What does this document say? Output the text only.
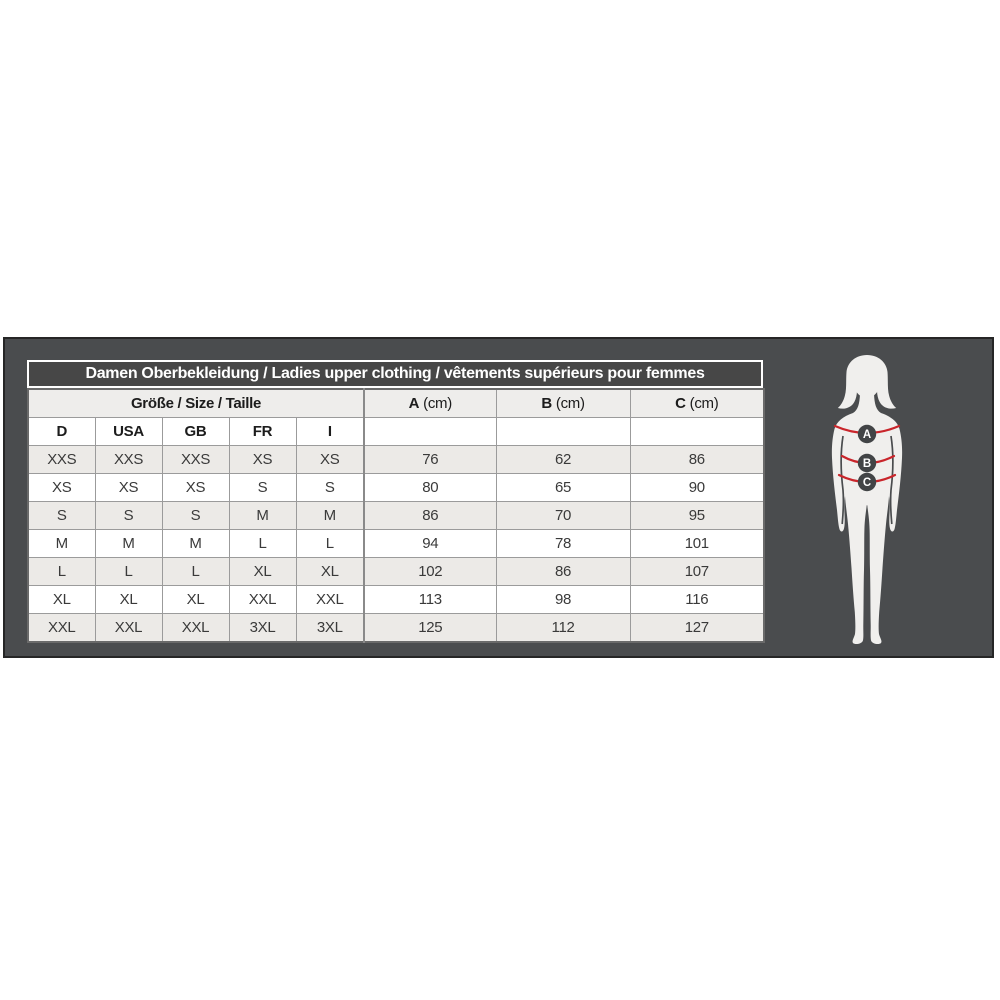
Damen Oberbekleidung / Ladies upper clothing / vêtements supérieurs pour femmes
Größe / Size / Taille					A (cm)	B (cm)	C (cm)
D	USA	GB	FR	I			
XXS	XXS	XXS	XS	XS	76	62	86
XS	XS	XS	S	S	80	65	90
S	S	S	M	M	86	70	95
M	M	M	L	L	94	78	101
L	L	L	XL	XL	102	86	107
XL	XL	XL	XXL	XXL	113	98	116
XXL	XXL	XXL	3XL	3XL	125	112	127
A
B
C
